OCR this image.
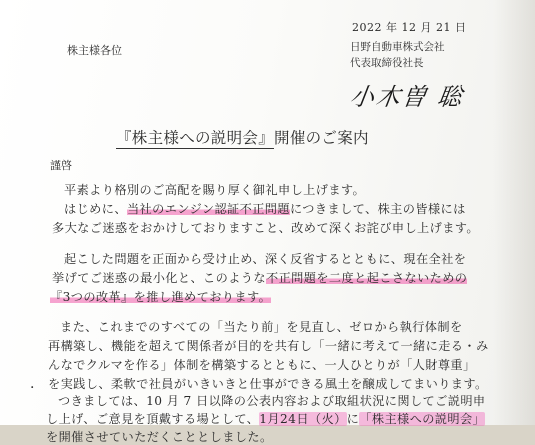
2022 年 12 月 21 日
株主様各位	日野自動車株式会社
代表取締役社長
小木曽 聡
『株主様への説明会』開催のご案内
謹啓
平素より格別のご高配を賜り厚く御礼申し上げます。
はじめに、当社のエンジン認証不正問題につきまして、株主の皆様には
多大なご迷惑をおかけしておりますこと、改めて深くお詫び申し上げます。
起こした問題を正面から受け止め、深く反省するとともに、現在全社を
挙げてご迷惑の最小化と、このような不正問題を二度と起こさないための
『3つの改革』を推し進めております。
また、これまでのすべての「当たり前」を見直し、ゼロから執行体制を
再構築し、機能を超えて関係者が目的を共有し「一緒に考えて一緒に走る・み
んなでクルマを作る」体制を構築するとともに、一人ひとりが「人財尊重」
を実践し、柔軟で社員がいきいきと仕事ができる風土を醸成してまいります。
·
つきましては、10 月 7 日以降の公表内容および取組状況に関してご説明申
し上げ、ご意見を頂戴する場として、1月24日（火）に「株主様への説明会」
を開催させていただくこととしました。
